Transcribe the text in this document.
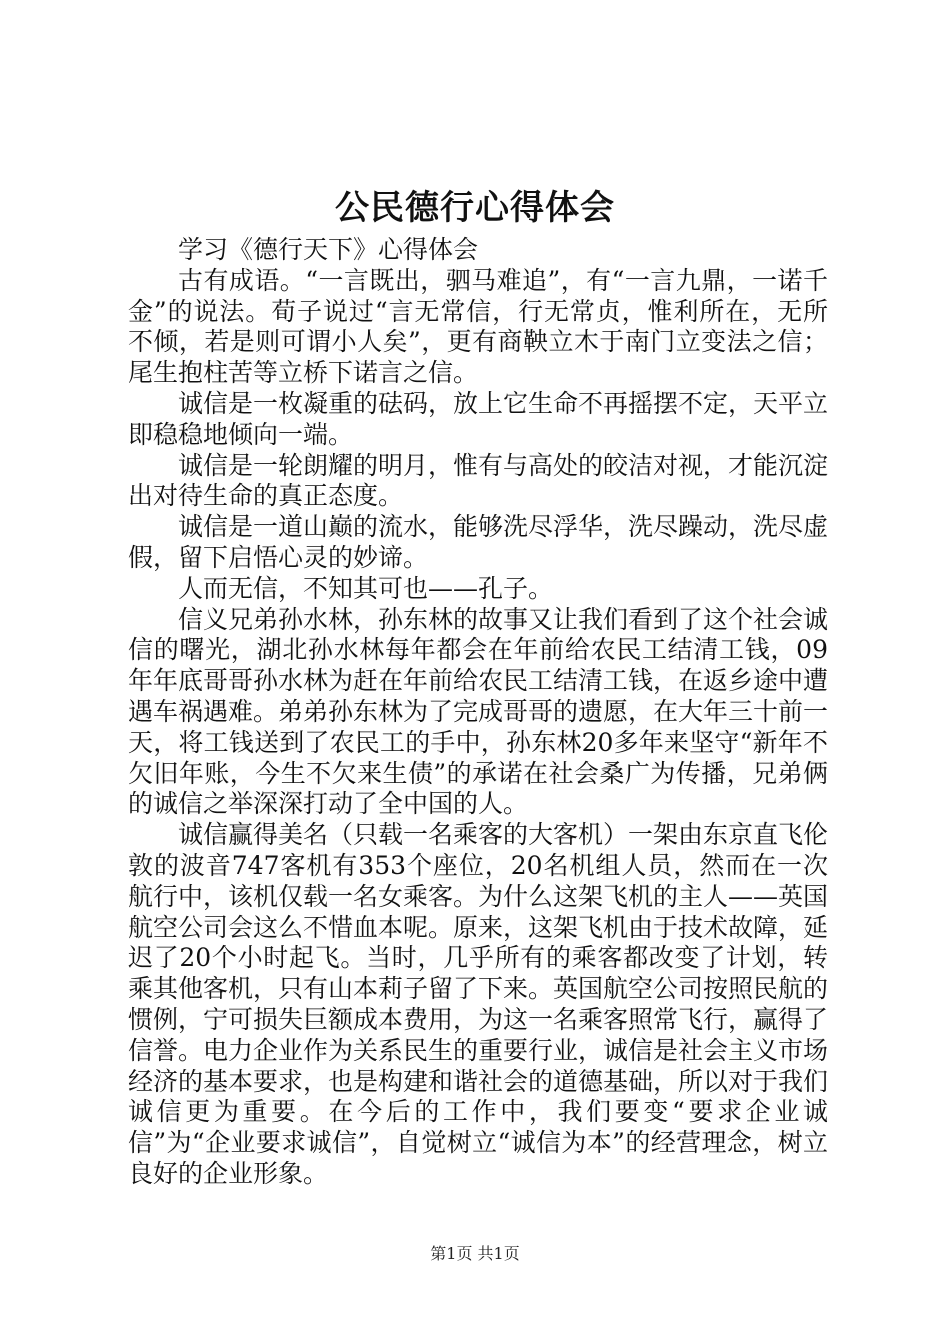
公民德行心得体会

学习《德行天下》心得体会

古有成语。“一言既出，驷马难追”，有“一言九鼎，一诺千金”的说法。荀子说过“言无常信，行无常贞，惟利所在，无所不倾，若是则可谓小人矣”，更有商鞅立木于南门立变法之信；尾生抱柱苦等立桥下诺言之信。

诚信是一枚凝重的砝码，放上它生命不再摇摆不定，天平立即稳稳地倾向一端。

诚信是一轮朗耀的明月，惟有与高处的皎洁对视，才能沉淀出对待生命的真正态度。

诚信是一道山巅的流水，能够洗尽浮华，洗尽躁动，洗尽虚假，留下启悟心灵的妙谛。

人而无信，不知其可也——孔子。

信义兄弟孙水林，孙东林的故事又让我们看到了这个社会诚信的曙光，湖北孙水林每年都会在年前给农民工结清工钱，09年年底哥哥孙水林为赶在年前给农民工结清工钱，在返乡途中遭遇车祸遇难。弟弟孙东林为了完成哥哥的遗愿，在大年三十前一天，将工钱送到了农民工的手中，孙东林20多年来坚守“新年不欠旧年账，今生不欠来生债”的承诺在社会桑广为传播，兄弟俩的诚信之举深深打动了全中国的人。

诚信赢得美名（只载一名乘客的大客机）一架由东京直飞伦敦的波音747客机有353个座位，20名机组人员，然而在一次航行中，该机仅载一名女乘客。为什么这架飞机的主人——英国航空公司会这么不惜血本呢。原来，这架飞机由于技术故障，延迟了20个小时起飞。当时，几乎所有的乘客都改变了计划，转乘其他客机，只有山本莉子留了下来。英国航空公司按照民航的惯例，宁可损失巨额成本费用，为这一名乘客照常飞行，赢得了信誉。电力企业作为关系民生的重要行业，诚信是社会主义市场经济的基本要求，也是构建和谐社会的道德基础，所以对于我们诚信更为重要。在今后的工作中，我们要变“要求企业诚信”为“企业要求诚信”，自觉树立“诚信为本”的经营理念，树立良好的企业形象。

第1页 共1页
